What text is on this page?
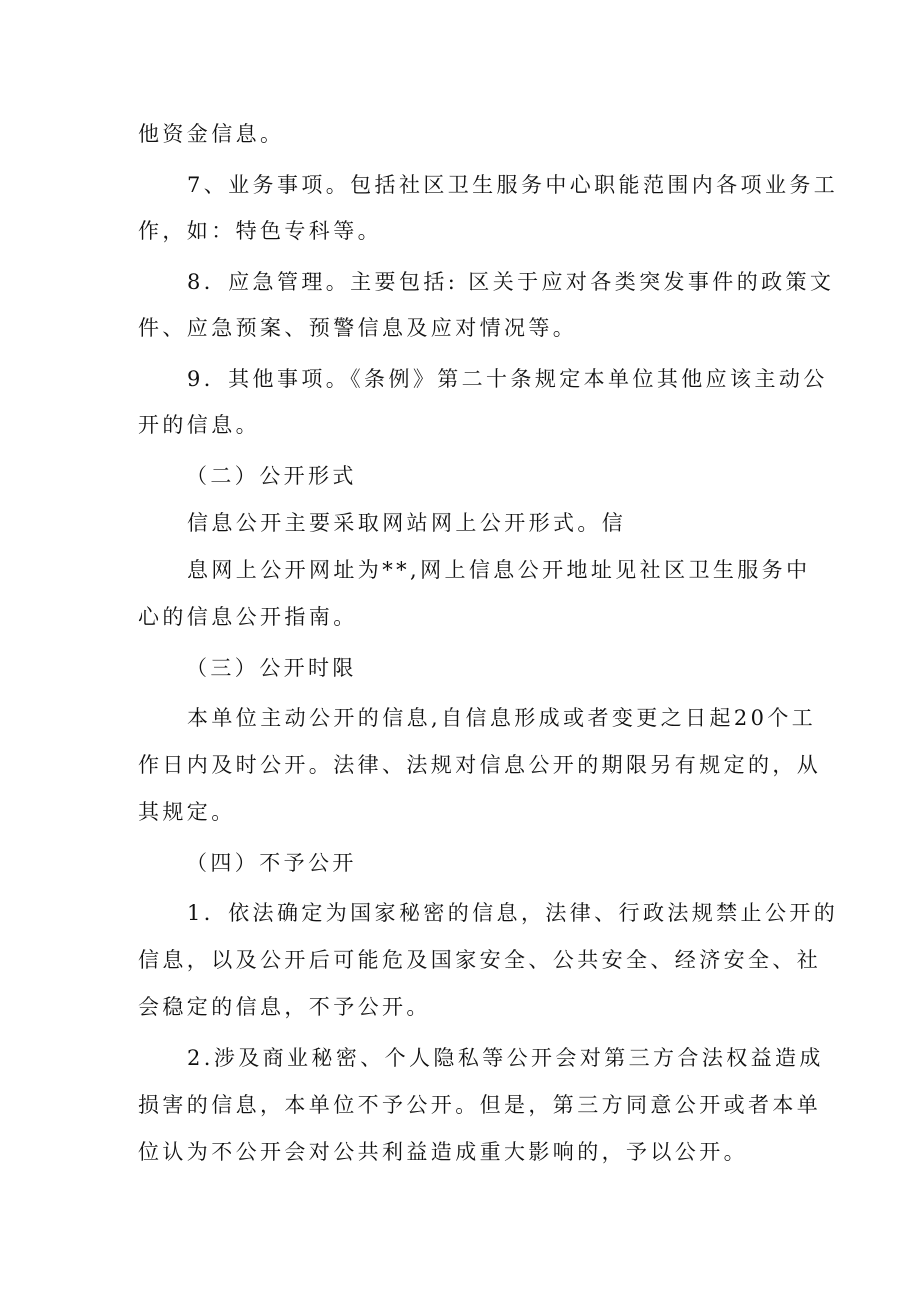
他资金信息。
7、业务事项。包括社区卫生服务中心职能范围内各项业务工
作，如：特色专科等。
8．应急管理。主要包括: 区关于应对各类突发事件的政策文
件、应急预案、预警信息及应对情况等。
9．其他事项。《条例》第二十条规定本单位其他应该主动公
开的信息。
（二）公开形式
信息公开主要采取网站网上公开形式。信
息网上公开网址为**,网上信息公开地址见社区卫生服务中
心的信息公开指南。
（三）公开时限
本单位主动公开的信息,自信息形成或者变更之日起20个工
作日内及时公开。法律、法规对信息公开的期限另有规定的，从
其规定。
（四）不予公开
1．依法确定为国家秘密的信息，法律、行政法规禁止公开的
信息，以及公开后可能危及国家安全、公共安全、经济安全、社
会稳定的信息，不予公开。
2.涉及商业秘密、个人隐私等公开会对第三方合法权益造成
损害的信息，本单位不予公开。但是，第三方同意公开或者本单
位认为不公开会对公共利益造成重大影响的，予以公开。
